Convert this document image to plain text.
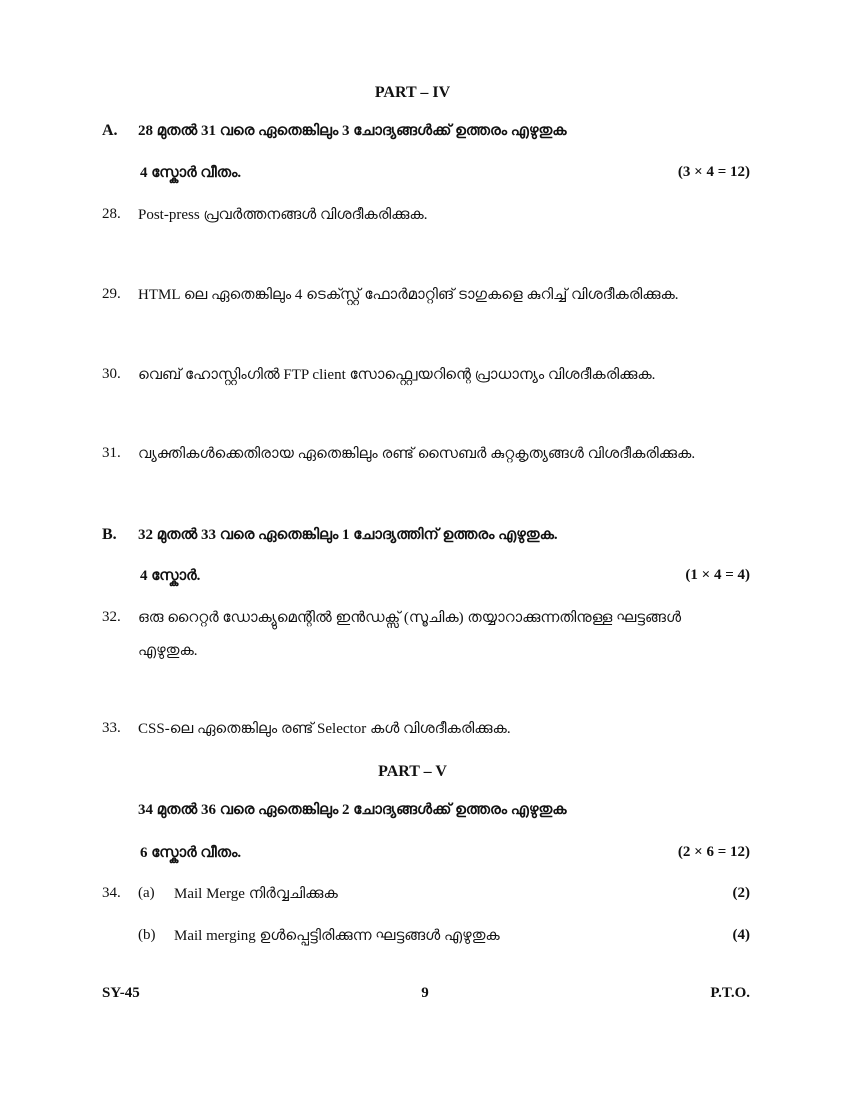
PART – IV
A. 28 മുതൽ 31 വരെ ഏതെങ്കിലും 3 ചോദ്യങ്ങൾക്ക് ഉത്തരം എഴുതുക
4 സ്കോർ വീതം.	(3 × 4 = 12)
28. Post-press പ്രവർത്തനങ്ങൾ വിശദീകരിക്കുക.
29. HTML ലെ ഏതെങ്കിലും 4 ടെക്സ്റ്റ് ഫോർമാറ്റിങ് ടാഗുകളെ കുറിച്ച് വിശദീകരിക്കുക.
30. വെബ് ഹോസ്റ്റിംഗിൽ FTP client സോഫ്റ്റ്വെയറിന്റെ പ്രാധാന്യം വിശദീകരിക്കുക.
31. വ്യക്തികൾക്കെതിരായ ഏതെങ്കിലും രണ്ട് സൈബർ കുറ്റകൃത്യങ്ങൾ വിശദീകരിക്കുക.
B. 32 മുതൽ 33 വരെ ഏതെങ്കിലും 1 ചോദ്യത്തിന് ഉത്തരം എഴുതുക.
4 സ്കോർ.	(1 × 4 = 4)
32. ഒരു റൈറ്റർ ഡോക്യുമെന്റിൽ ഇൻഡക്സ് (സൂചിക) തയ്യാറാക്കുന്നതിനുള്ള ഘട്ടങ്ങൾ
എഴുതുക.
33. CSS-ലെ ഏതെങ്കിലും രണ്ട് Selector കൾ വിശദീകരിക്കുക.
PART – V
34 മുതൽ 36 വരെ ഏതെങ്കിലും 2 ചോദ്യങ്ങൾക്ക് ഉത്തരം എഴുതുക
6 സ്കോർ വീതം.	(2 × 6 = 12)
34. (a) Mail Merge നിർവ്വചിക്കുക	(2)
(b) Mail merging ഉൾപ്പെട്ടിരിക്കുന്ന ഘട്ടങ്ങൾ എഴുതുക	(4)
SY-45	9	P.T.O.
